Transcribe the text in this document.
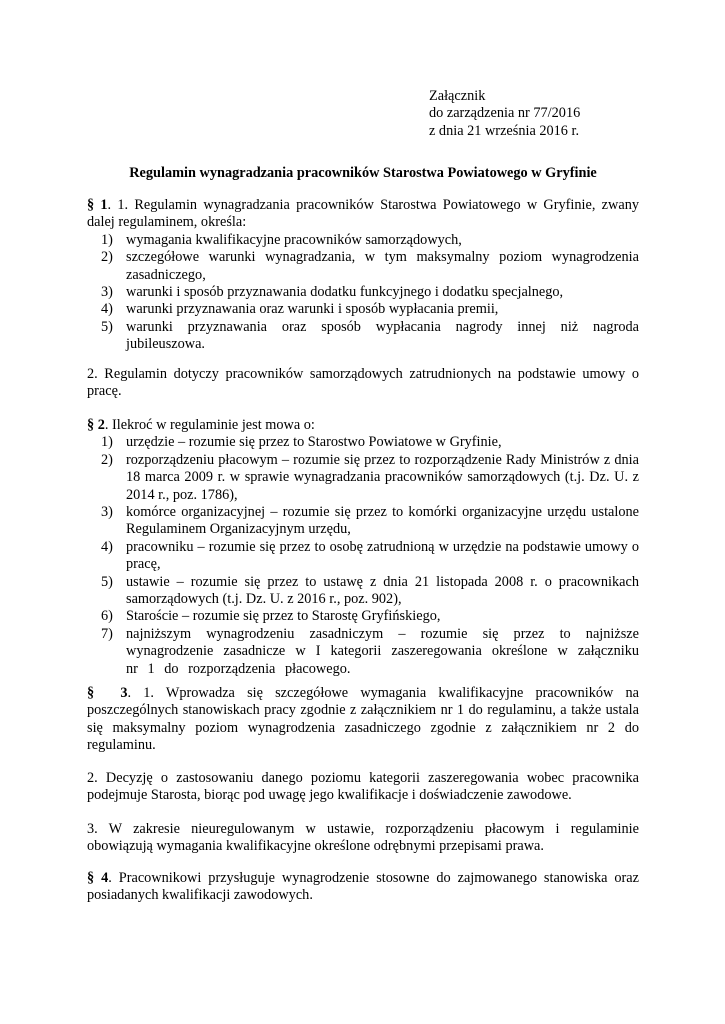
Załącznik
do zarządzenia nr 77/2016
z dnia 21 września 2016 r.
Regulamin wynagradzania pracowników Starostwa Powiatowego w Gryfinie

§ 1. 1. Regulamin wynagradzania pracowników Starostwa Powiatowego w Gryfinie, zwany dalej regulaminem, określa:

1) wymagania kwalifikacyjne pracowników samorządowych,
2) szczegółowe warunki wynagradzania, w tym maksymalny poziom wynagrodzenia zasadniczego,
3) warunki i sposób przyznawania dodatku funkcyjnego i dodatku specjalnego,
4) warunki przyznawania oraz warunki i sposób wypłacania premii,
5) warunki przyznawania oraz sposób wypłacania nagrody innej niż nagroda jubileuszowa.
2. Regulamin dotyczy pracowników samorządowych zatrudnionych na podstawie umowy o pracę.

§ 2. Ilekroć w regulaminie jest mowa o:

1) urzędzie – rozumie się przez to Starostwo Powiatowe w Gryfinie,
2) rozporządzeniu płacowym – rozumie się przez to rozporządzenie Rady Ministrów z dnia 18 marca 2009 r. w sprawie wynagradzania pracowników samorządowych (t.j. Dz. U. z 2014 r., poz. 1786),
3) komórce organizacyjnej – rozumie się przez to komórki organizacyjne urzędu ustalone Regulaminem Organizacyjnym urzędu,
4) pracowniku – rozumie się przez to osobę zatrudnioną w urzędzie na podstawie umowy o pracę,
5) ustawie – rozumie się przez to ustawę z dnia 21 listopada 2008 r. o pracownikach samorządowych (t.j. Dz. U. z 2016 r., poz. 902),
6) Staroście – rozumie się przez to Starostę Gryfińskiego,
7) najniższym wynagrodzeniu zasadniczym – rozumie się przez to najniższe wynagrodzenie zasadnicze w I kategorii zaszeregowania określone w załączniku nr 1 do rozporządzenia płacowego.

§ 3. 1. Wprowadza się szczegółowe wymagania kwalifikacyjne pracowników na poszczególnych stanowiskach pracy zgodnie z załącznikiem nr 1 do regulaminu, a także ustala się maksymalny poziom wynagrodzenia zasadniczego zgodnie z załącznikiem nr 2 do regulaminu.

2. Decyzję o zastosowaniu danego poziomu kategorii zaszeregowania wobec pracownika podejmuje Starosta, biorąc pod uwagę jego kwalifikacje i doświadczenie zawodowe.
3. W zakresie nieuregulowanym w ustawie, rozporządzeniu płacowym i regulaminie obowiązują wymagania kwalifikacyjne określone odrębnymi przepisami prawa.

§ 4. Pracownikowi przysługuje wynagrodzenie stosowne do zajmowanego stanowiska oraz posiadanych kwalifikacji zawodowych.
